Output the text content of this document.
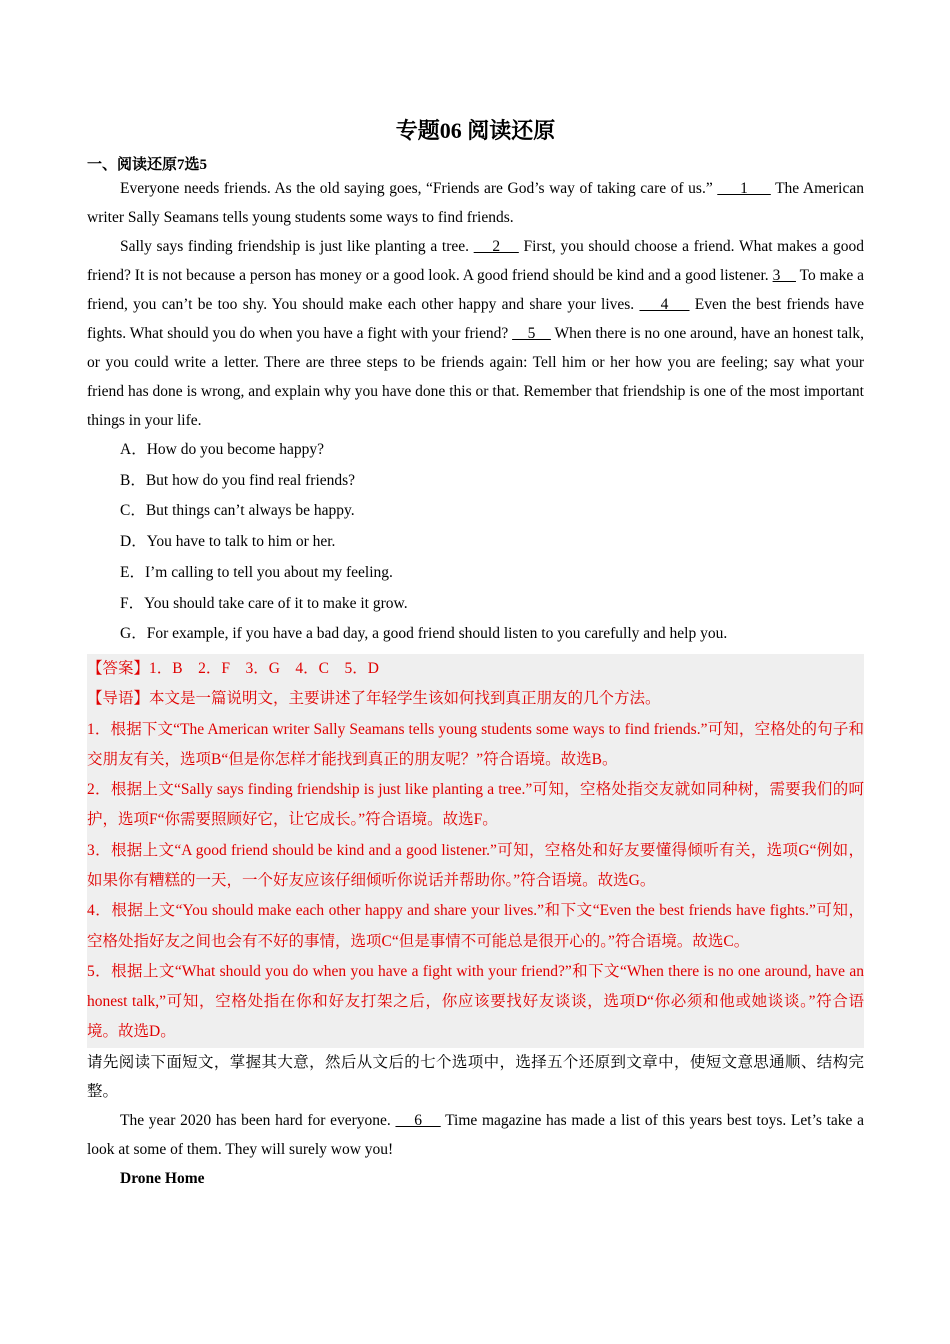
专题06 阅读还原

一、阅读还原7选5

Everyone needs friends. As the old saying goes, “Friends are God’s way of taking care of us.”      1      The American writer Sally Seamans tells young students some ways to find friends.

Sally says finding friendship is just like planting a tree.     2     First, you should choose a friend. What makes a good friend? It is not because a person has money or a good look. A good friend should be kind and a good listener. 3     To make a friend, you can’t be too shy. You should make each other happy and share your lives.     4     Even the best friends have fights. What should you do when you have a fight with your friend?     5     When there is no one around, have an honest talk, or you could write a letter. There are three steps to be friends again: Tell him or her how you are feeling; say what your friend has done is wrong, and explain why you have done this or that. Remember that friendship is one of the most important things in your life.

A．How do you become happy?
B．But how do you find real friends?
C．But things can’t always be happy.
D．You have to talk to him or her.
E．I’m calling to tell you about my feeling.
F．You should take care of it to make it grow.
G．For example, if you have a bad day, a good friend should listen to you carefully and help you.

【答案】1．B　2．F　3．G　4．C　5．D

【导语】本文是一篇说明文，主要讲述了年轻学生该如何找到真正朋友的几个方法。

1．根据下文“The American writer Sally Seamans tells young students some ways to find friends.”可知，空格处的句子和交朋友有关，选项B“但是你怎样才能找到真正的朋友呢？”符合语境。故选B。

2．根据上文“Sally says finding friendship is just like planting a tree.”可知，空格处指交友就如同种树，需要我们的呵护，选项F“你需要照顾好它，让它成长。”符合语境。故选F。

3．根据上文“A good friend should be kind and a good listener.”可知，空格处和好友要懂得倾听有关，选项G“例如，如果你有糟糕的一天，一个好友应该仔细倾听你说话并帮助你。”符合语境。故选G。

4．根据上文“You should make each other happy and share your lives.”和下文“Even the best friends have fights.”可知，空格处指好友之间也会有不好的事情，选项C“但是事情不可能总是很开心的。”符合语境。故选C。

5．根据上文“What should you do when you have a fight with your friend?”和下文“When there is no one around, have an honest talk,”可知，空格处指在你和好友打架之后，你应该要找好友谈谈，选项D“你必须和他或她谈谈。”符合语境。故选D。

请先阅读下面短文，掌握其大意，然后从文后的七个选项中，选择五个还原到文章中，使短文意思通顺、结构完整。

The year 2020 has been hard for everyone.     6     Time magazine has made a list of this years best toys. Let’s take a look at some of them. They will surely wow you!

Drone Home
